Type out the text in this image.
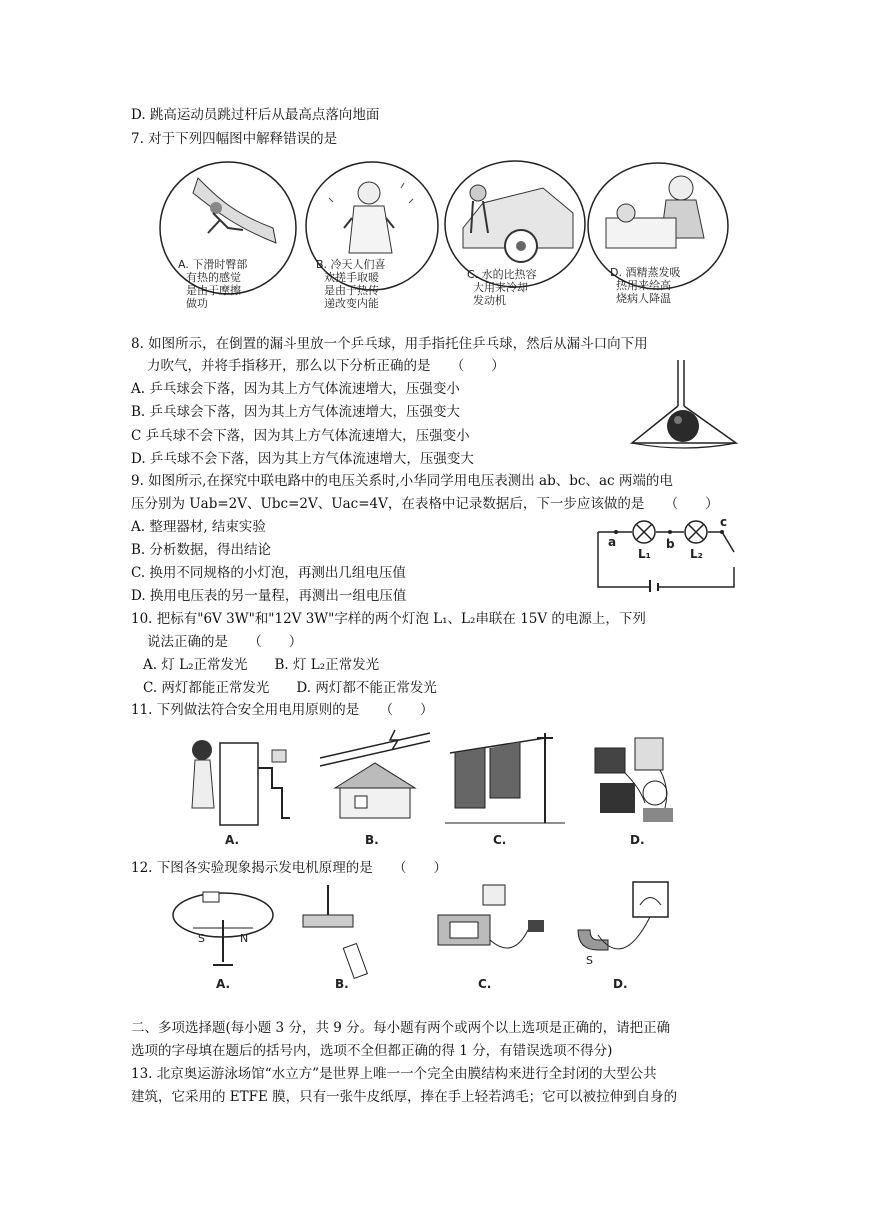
D. 跳高运动员跳过杆后从最高点落向地面
7. 对于下列四幅图中解释错误的是
A. 下滑时臀部
有热的感觉
是由于摩擦
做功
B. 冷天人们喜
欢搓手取暖
是由于热传
递改变内能
C. 水的比热容
大用来冷却
发动机
D. 酒精蒸发吸
热用来给高
烧病人降温
8. 如图所示，在倒置的漏斗里放一个乒乓球，用手指托住乒乓球，然后从漏斗口向下用
力吹气，并将手指移开，那么以下分析正确的是　　（　　）
A. 乒乓球会下落，因为其上方气体流速增大，压强变小
B. 乒乓球会下落，因为其上方气体流速增大，压强变大
C 乒乓球不会下落，因为其上方气体流速增大，压强变小
D. 乒乓球不会下落，因为其上方气体流速增大，压强变大
9. 如图所示,在探究中联电路中的电压关系时,小华同学用电压表测出 ab、bc、ac 两端的电
压分别为 Uab=2V、Ubc=2V、Uac=4V，在表格中记录数据后，下一步应该做的是　　（　　）
A. 整理器材, 结束实验
B. 分析数据，得出结论
C. 换用不同规格的小灯泡，再测出几组电压值
D. 换用电压表的另一量程，再测出一组电压值
a	b
c
L₁	L₂
10. 把标有"6V 3W"和"12V 3W"字样的两个灯泡 L₁、L₂串联在 15V 的电源上，下列
说法正确的是　　（　　）
A. 灯 L₂正常发光　　B. 灯 L₂正常发光
C. 两灯都能正常发光　　D. 两灯都不能正常发光
11. 下列做法符合安全用电用原则的是　　（　　）
A.	B.	C.	D.
12. 下图各实验现象揭示发电机原理的是　　（　　）
S	N
A.	B.	C.
S
D.
二、多项选择题(每小题 3 分，共 9 分。每小题有两个或两个以上选项是正确的，请把正确
选项的字母填在题后的括号内，选项不全但都正确的得 1 分，有错误选项不得分)
13. 北京奥运游泳场馆“水立方”是世界上唯一一个完全由膜结构来进行全封闭的大型公共
建筑，它采用的 ETFE 膜，只有一张牛皮纸厚，捧在手上轻若鸿毛；它可以被拉伸到自身的
